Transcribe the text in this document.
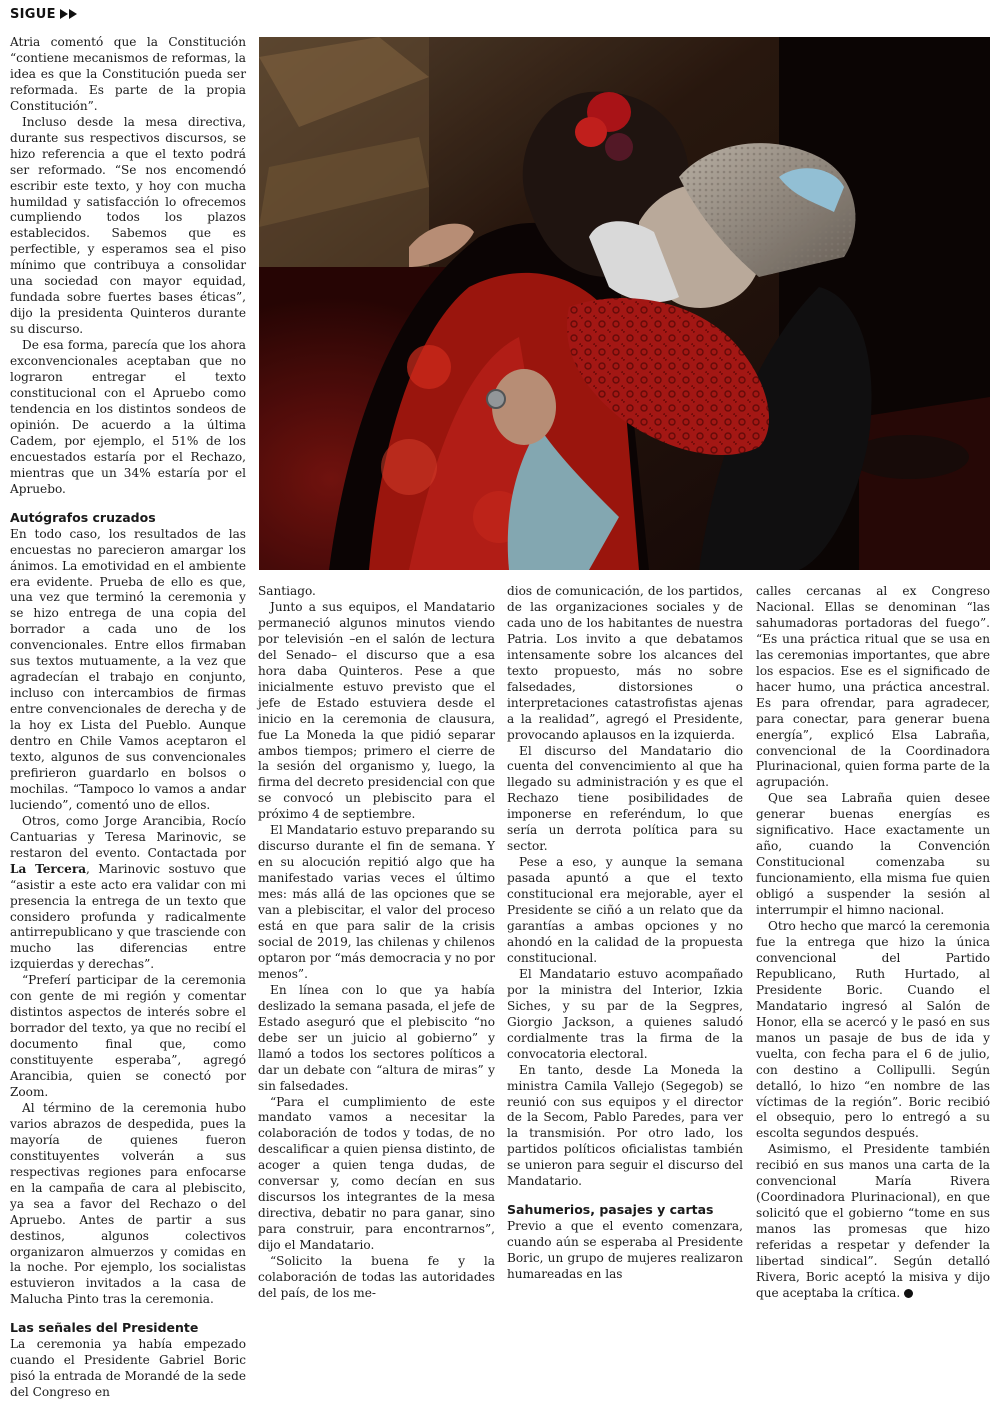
SIGUE

Atria comentó que la Constitución “contiene mecanismos de reformas, la idea es que la Constitución pueda ser reformada. Es parte de la propia Constitución”.

Incluso desde la mesa directiva, durante sus respectivos discursos, se hizo referencia a que el texto podrá ser reformado. “Se nos encomendó escribir este texto, y hoy con mucha humildad y satisfacción lo ofrecemos cumpliendo todos los plazos establecidos. Sabemos que es perfectible, y esperamos sea el piso mínimo que contribuya a consolidar una sociedad con mayor equidad, fundada sobre fuertes bases éticas”, dijo la presidenta Quinteros durante su discurso.

De esa forma, parecía que los ahora exconvencionales aceptaban que no lograron entregar el texto constitucional con el Apruebo como tendencia en los distintos sondeos de opinión. De acuerdo a la última Cadem, por ejemplo, el 51% de los encuestados estaría por el Rechazo, mientras que un 34% estaría por el Apruebo.

Autógrafos cruzados

En todo caso, los resultados de las encuestas no parecieron amargar los ánimos. La emotividad en el ambiente era evidente. Prueba de ello es que, una vez que terminó la ceremonia y se hizo entrega de una copia del borrador a cada uno de los convencionales. Entre ellos firmaban sus textos mutuamente, a la vez que agradecían el trabajo en conjunto, incluso con intercambios de firmas entre convencionales de derecha y de la hoy ex Lista del Pueblo. Aunque dentro en Chile Vamos aceptaron el texto, algunos de sus convencionales prefirieron guardarlo en bolsos o mochilas. “Tampoco lo vamos a andar luciendo”, comentó uno de ellos.

Otros, como Jorge Arancibia, Rocío Cantuarias y Teresa Marinovic, se restaron del evento. Contactada por La Tercera, Marinovic sostuvo que “asistir a este acto era validar con mi presencia la entrega de un texto que considero profunda y radicalmente antirrepublicano y que trasciende con mucho las diferencias entre izquierdas y derechas”.

“Preferí participar de la ceremonia con gente de mi región y comentar distintos aspectos de interés sobre el borrador del texto, ya que no recibí el documento final que, como constituyente esperaba”, agregó Arancibia, quien se conectó por Zoom.

Al término de la ceremonia hubo varios abrazos de despedida, pues la mayoría de quienes fueron constituyentes volverán a sus respectivas regiones para enfocarse en la campaña de cara al plebiscito, ya sea a favor del Rechazo o del Apruebo. Antes de partir a sus destinos, algunos colectivos organizaron almuerzos y comidas en la noche. Por ejemplo, los socialistas estuvieron invitados a la casa de Malucha Pinto tras la ceremonia.

Las señales del Presidente

La ceremonia ya había empezado cuando el Presidente Gabriel Boric pisó la entrada de Morandé de la sede del Congreso en

Santiago.

Junto a sus equipos, el Mandatario permaneció algunos minutos viendo por televisión –en el salón de lectura del Senado– el discurso que a esa hora daba Quinteros. Pese a que inicialmente estuvo previsto que el jefe de Estado estuviera desde el inicio en la ceremonia de clausura, fue La Moneda la que pidió separar ambos tiempos; primero el cierre de la sesión del organismo y, luego, la firma del decreto presidencial con que se convocó un plebiscito para el próximo 4 de septiembre.

El Mandatario estuvo preparando su discurso durante el fin de semana. Y en su alocución repitió algo que ha manifestado varias veces el último mes: más allá de las opciones que se van a plebiscitar, el valor del proceso está en que para salir de la crisis social de 2019, las chilenas y chilenos optaron por “más democracia y no por menos”.

En línea con lo que ya había deslizado la semana pasada, el jefe de Estado aseguró que el plebiscito “no debe ser un juicio al gobierno” y llamó a todos los sectores políticos a dar un debate con “altura de miras” y sin falsedades.

“Para el cumplimiento de este mandato vamos a necesitar la colaboración de todos y todas, de no descalificar a quien piensa distinto, de acoger a quien tenga dudas, de conversar y, como decían en sus discursos los integrantes de la mesa directiva, debatir no para ganar, sino para construir, para encontrarnos”, dijo el Mandatario.

“Solicito la buena fe y la colaboración de todas las autoridades del país, de los me-

dios de comunicación, de los partidos, de las organizaciones sociales y de cada uno de los habitantes de nuestra Patria. Los invito a que debatamos intensamente sobre los alcances del texto propuesto, más no sobre falsedades, distorsiones o interpretaciones catastrofistas ajenas a la realidad”, agregó el Presidente, provocando aplausos en la izquierda.

El discurso del Mandatario dio cuenta del convencimiento al que ha llegado su administración y es que el Rechazo tiene posibilidades de imponerse en referéndum, lo que sería un derrota política para su sector.

Pese a eso, y aunque la semana pasada apuntó a que el texto constitucional era mejorable, ayer el Presidente se ciñó a un relato que da garantías a ambas opciones y no ahondó en la calidad de la propuesta constitucional.

El Mandatario estuvo acompañado por la ministra del Interior, Izkia Siches, y su par de la Segpres, Giorgio Jackson, a quienes saludó cordialmente tras la firma de la convocatoria electoral.

En tanto, desde La Moneda la ministra Camila Vallejo (Segegob) se reunió con sus equipos y el director de la Secom, Pablo Paredes, para ver la transmisión. Por otro lado, los partidos políticos oficialistas también se unieron para seguir el discurso del Mandatario.

Sahumerios, pasajes y cartas

Previo a que el evento comenzara, cuando aún se esperaba al Presidente Boric, un grupo de mujeres realizaron humareadas en las

calles cercanas al ex Congreso Nacional. Ellas se denominan “las sahumadoras portadoras del fuego”. “Es una práctica ritual que se usa en las ceremonias importantes, que abre los espacios. Ese es el significado de hacer humo, una práctica ancestral. Es para ofrendar, para agradecer, para conectar, para generar buena energía”, explicó Elsa Labraña, convencional de la Coordinadora Plurinacional, quien forma parte de la agrupación.

Que sea Labraña quien desee generar buenas energías es significativo. Hace exactamente un año, cuando la Convención Constitucional comenzaba su funcionamiento, ella misma fue quien obligó a suspender la sesión al interrumpir el himno nacional.

Otro hecho que marcó la ceremonia fue la entrega que hizo la única convencional del Partido Republicano, Ruth Hurtado, al Presidente Boric. Cuando el Mandatario ingresó al Salón de Honor, ella se acercó y le pasó en sus manos un pasaje de bus de ida y vuelta, con fecha para el 6 de julio, con destino a Collipulli. Según detalló, lo hizo “en nombre de las víctimas de la región”. Boric recibió el obsequio, pero lo entregó a su escolta segundos después.

Asimismo, el Presidente también recibió en sus manos una carta de la convencional María Rivera (Coordinadora Plurinacional), en que solicitó que el gobierno “tome en sus manos las promesas que hizo referidas a respetar y defender la libertad sindical”. Según detalló Rivera, Boric aceptó la misiva y dijo que aceptaba la crítica.
